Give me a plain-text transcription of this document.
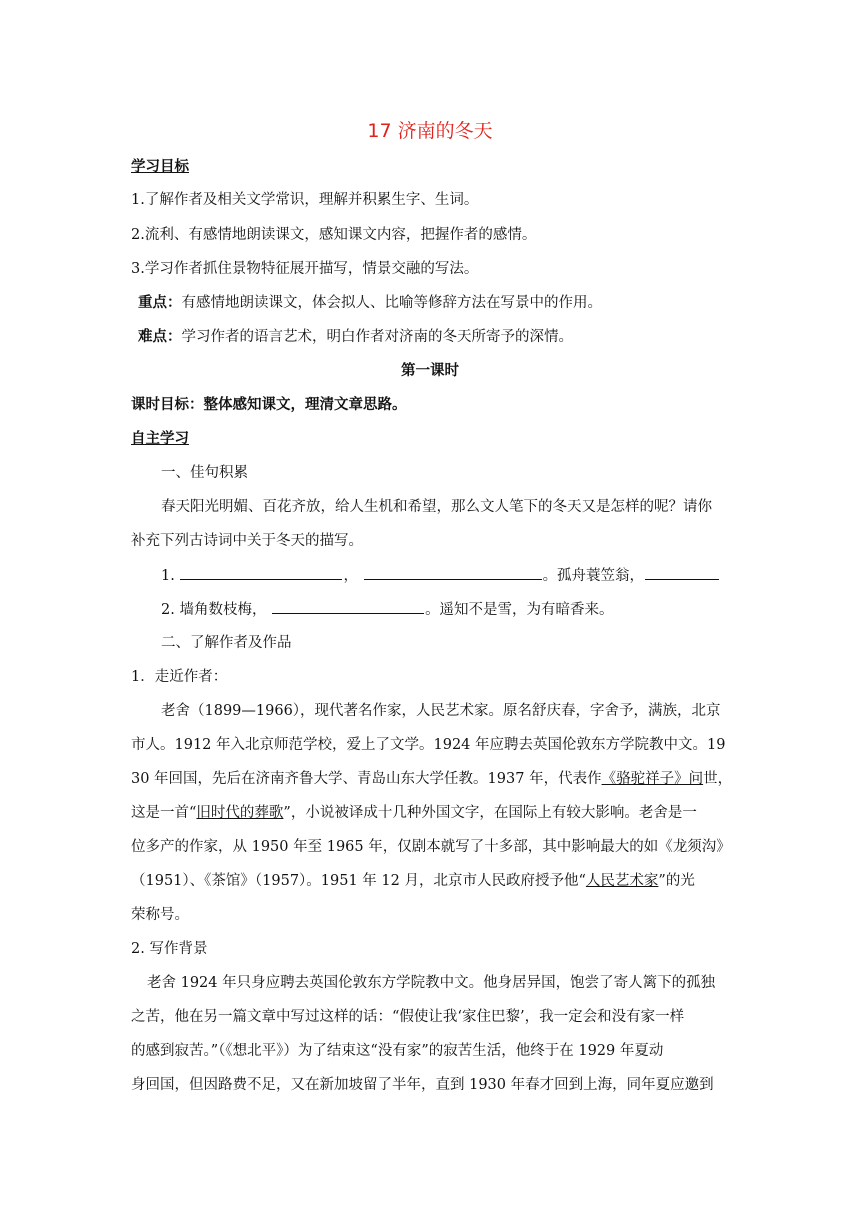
17 济南的冬天
学习目标
1.了解作者及相关文学常识，理解并积累生字、生词。
2.流利、有感情地朗读课文，感知课文内容，把握作者的感情。
3.学习作者抓住景物特征展开描写，情景交融的写法。
重点：有感情地朗读课文，体会拟人、比喻等修辞方法在写景中的作用。
难点：学习作者的语言艺术，明白作者对济南的冬天所寄予的深情。
第一课时
课时目标：整体感知课文，理清文章思路。
自主学习
一、佳句积累
春天阳光明媚、百花齐放，给人生机和希望，那么文人笔下的冬天又是怎样的呢？请你
补充下列古诗词中关于冬天的描写。
1.	，	。孤舟蓑笠翁，
2. 墙角数枝梅，	。遥知不是雪，为有暗香来。
二、了解作者及作品
1．走近作者：
老舍（1899—1966），现代著名作家，人民艺术家。原名舒庆春，字舍予，满族，北京
市人。1912 年入北京师范学校，爱上了文学。1924 年应聘去英国伦敦东方学院教中文。19
30 年回国，先后在济南齐鲁大学、青岛山东大学任教。1937 年，代表作《骆驼祥子》问世，
这是一首“旧时代的葬歌”，小说被译成十几种外国文字，在国际上有较大影响。老舍是一
位多产的作家，从 1950 年至 1965 年，仅剧本就写了十多部，其中影响最大的如《龙须沟》
（1951）、《茶馆》（1957）。1951 年 12 月，北京市人民政府授予他“人民艺术家”的光
荣称号。
2. 写作背景
老舍 1924 年只身应聘去英国伦敦东方学院教中文。他身居异国，饱尝了寄人篱下的孤独
之苦，他在另一篇文章中写过这样的话：“假使让我‘家住巴黎’，我一定会和没有家一样
的感到寂苦。”（《想北平》）为了结束这“没有家”的寂苦生活，他终于在 1929 年夏动
身回国，但因路费不足，又在新加坡留了半年，直到 1930 年春才回到上海，同年夏应邀到
